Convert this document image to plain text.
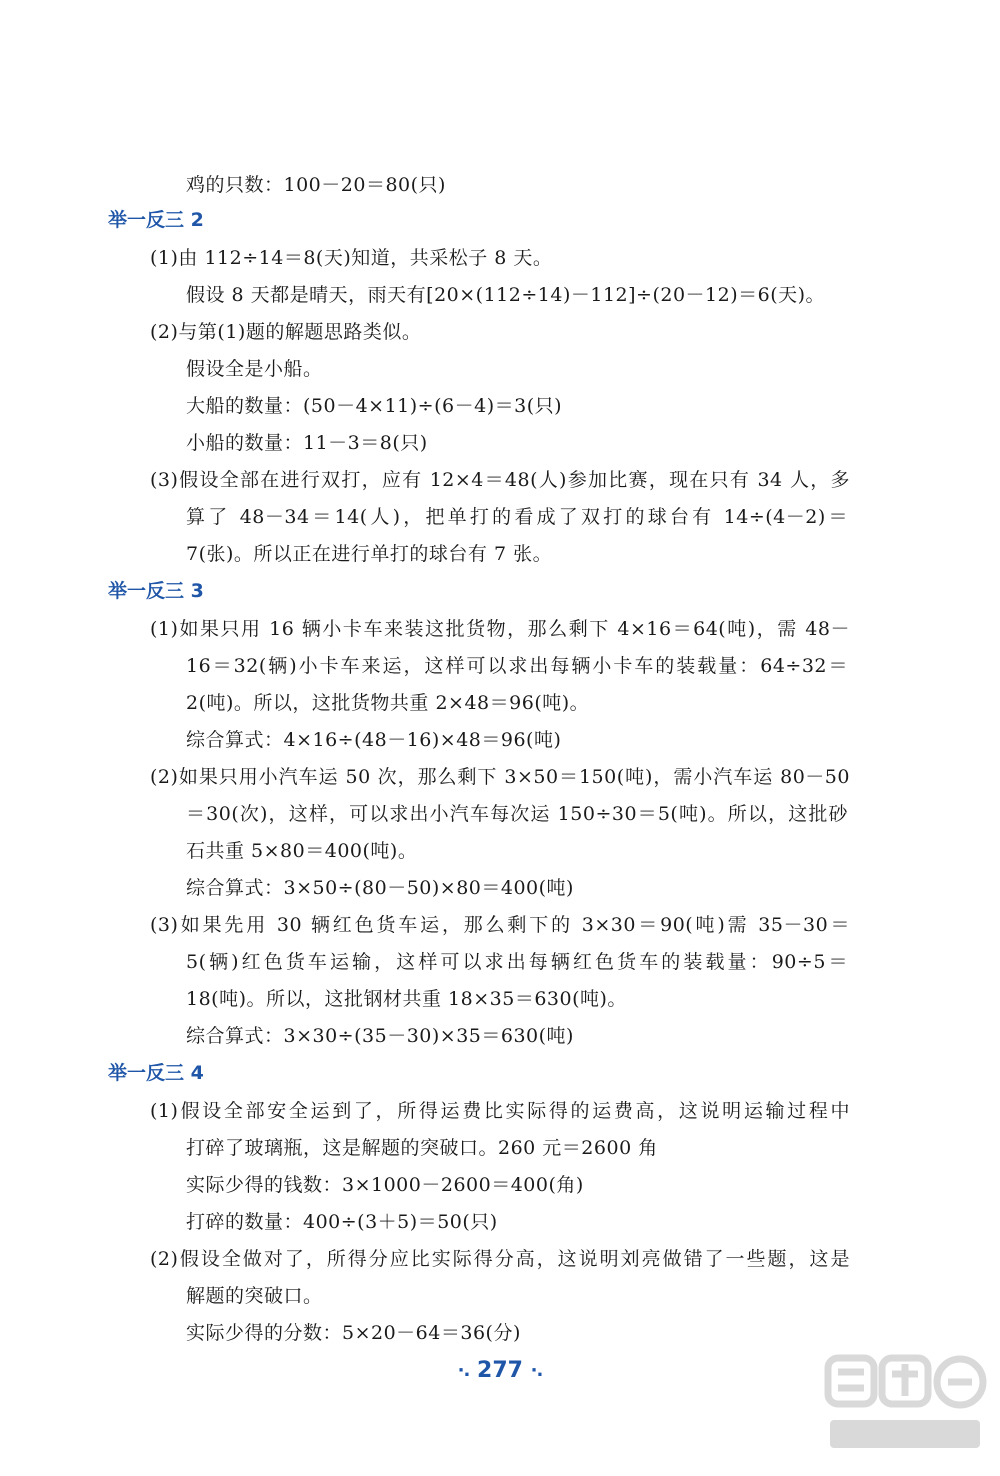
鸡的只数：100－20＝80(只)
举一反三 2
(1)由 112÷14＝8(天)知道，共采松子 8 天。
假设 8 天都是晴天，雨天有[20×(112÷14)－112]÷(20－12)＝6(天)。
(2)与第(1)题的解题思路类似。
假设全是小船。
大船的数量：(50－4×11)÷(6－4)＝3(只)
小船的数量：11－3＝8(只)
(3)假设全部在进行双打，应有 12×4＝48(人)参加比赛，现在只有 34 人，多
算了 48－34＝14(人)，把单打的看成了双打的球台有 14÷(4－2)＝
7(张)。所以正在进行单打的球台有 7 张。
举一反三 3
(1)如果只用 16 辆小卡车来装这批货物，那么剩下 4×16＝64(吨)，需 48－
16＝32(辆)小卡车来运，这样可以求出每辆小卡车的装载量：64÷32＝
2(吨)。所以，这批货物共重 2×48＝96(吨)。
综合算式：4×16÷(48－16)×48＝96(吨)
(2)如果只用小汽车运 50 次，那么剩下 3×50＝150(吨)，需小汽车运 80－50
＝30(次)，这样，可以求出小汽车每次运 150÷30＝5(吨)。所以，这批砂
石共重 5×80＝400(吨)。
综合算式：3×50÷(80－50)×80＝400(吨)
(3)如果先用 30 辆红色货车运，那么剩下的 3×30＝90(吨)需 35－30＝
5(辆)红色货车运输，这样可以求出每辆红色货车的装载量：90÷5＝
18(吨)。所以，这批钢材共重 18×35＝630(吨)。
综合算式：3×30÷(35－30)×35＝630(吨)
举一反三 4
(1)假设全部安全运到了，所得运费比实际得的运费高，这说明运输过程中
打碎了玻璃瓶，这是解题的突破口。260 元＝2600 角
实际少得的钱数：3×1000－2600＝400(角)
打碎的数量：400÷(3＋5)＝50(只)
(2)假设全做对了，所得分应比实际得分高，这说明刘亮做错了一些题，这是
解题的突破口。
实际少得的分数：5×20－64＝36(分)
·. 277 ·.
